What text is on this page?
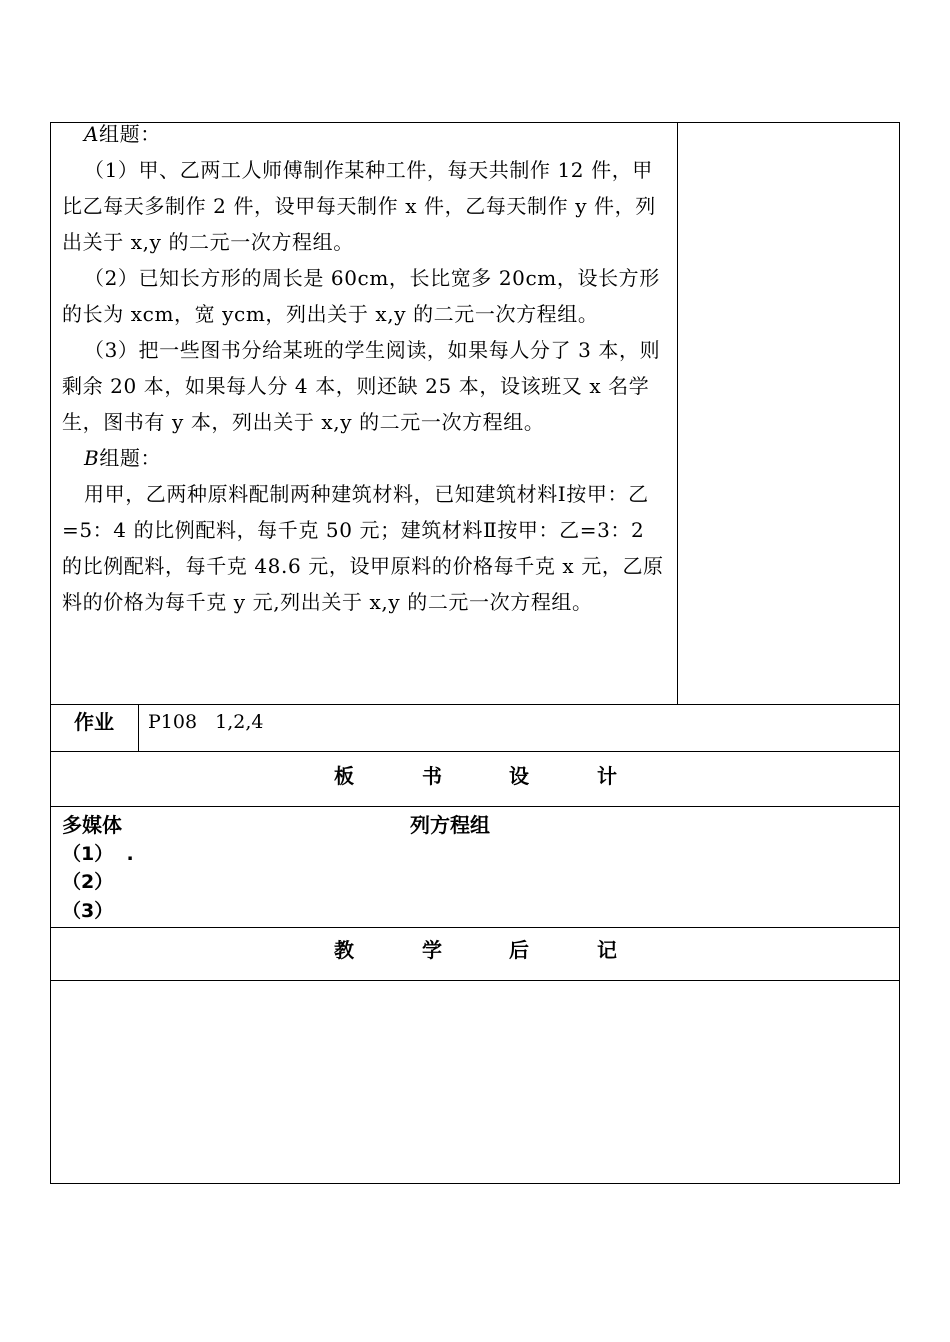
A组题：

（1）甲、乙两工人师傅制作某种工件，每天共制作 12 件，甲比乙每天多制作 2 件，设甲每天制作 x 件，乙每天制作 y 件，列出关于 x,y 的二元一次方程组。

（2）已知长方形的周长是 60cm，长比宽多 20cm，设长方形的长为 xcm，宽 ycm，列出关于 x,y 的二元一次方程组。

（3）把一些图书分给某班的学生阅读，如果每人分了 3 本，则剩余 20 本，如果每人分 4 本，则还缺 25 本，设该班又 x 名学生，图书有 y 本，列出关于 x,y 的二元一次方程组。

B组题：

用甲，乙两种原料配制两种建筑材料，已知建筑材料Ⅰ按甲：乙=5：4 的比例配料，每千克 50 元；建筑材料Ⅱ按甲：乙=3：2 的比例配料，每千克 48.6 元，设甲原料的价格每千克 x 元，乙原料的价格为每千克 y 元,列出关于 x,y 的二元一次方程组。

作业 P108   1,2,4
板	书	设	计
多媒体	列方程组
（1）  .
（2）
（3）
教	学	后	记
